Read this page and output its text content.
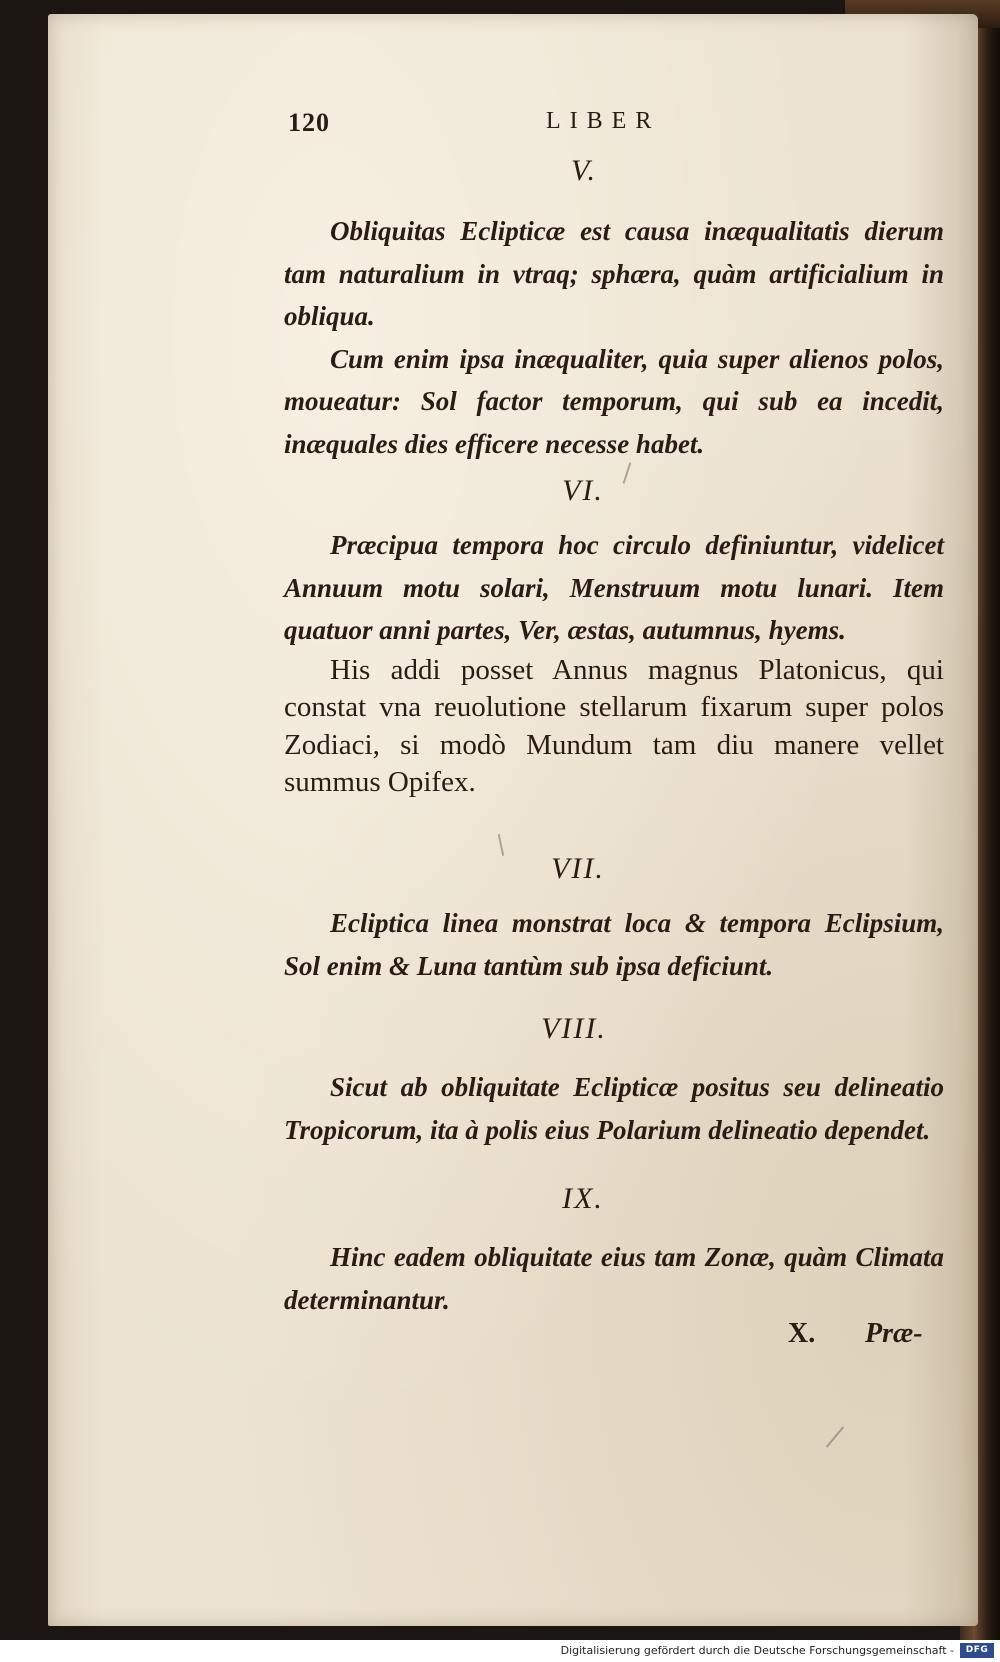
120	LIBER
V.

Obliquitas Eclipticæ est causa inæqualitatis dierum tam naturalium in vtraq; sphæra, quàm artificialium in obliqua.

Cum enim ipsa inæqualiter, quia super alienos polos, moueatur: Sol factor temporum, qui sub ea incedit, inæquales dies efficere necesse habet.

VI.

Præcipua tempora hoc circulo definiuntur, videlicet Annuum motu solari, Menstruum motu lunari. Item quatuor anni partes, Ver, æstas, autumnus, hyems.

His addi posset Annus magnus Platonicus, qui constat vna reuolutione stellarum fixarum super polos Zodiaci, si modò Mundum tam diu manere vellet summus Opifex.

VII.

Ecliptica linea monstrat loca & tempora Eclipsium, Sol enim & Luna tantùm sub ipsa deficiunt.

VIII.

Sicut ab obliquitate Eclipticæ positus seu delineatio Tropicorum, ita à polis eius Polarium delineatio dependet.

IX.

Hinc eadem obliquitate eius tam Zonæ, quàm Climata determinantur.

X. Præ-
Digitalisierung gefördert durch die Deutsche Forschungsgemeinschaft -	DFG
